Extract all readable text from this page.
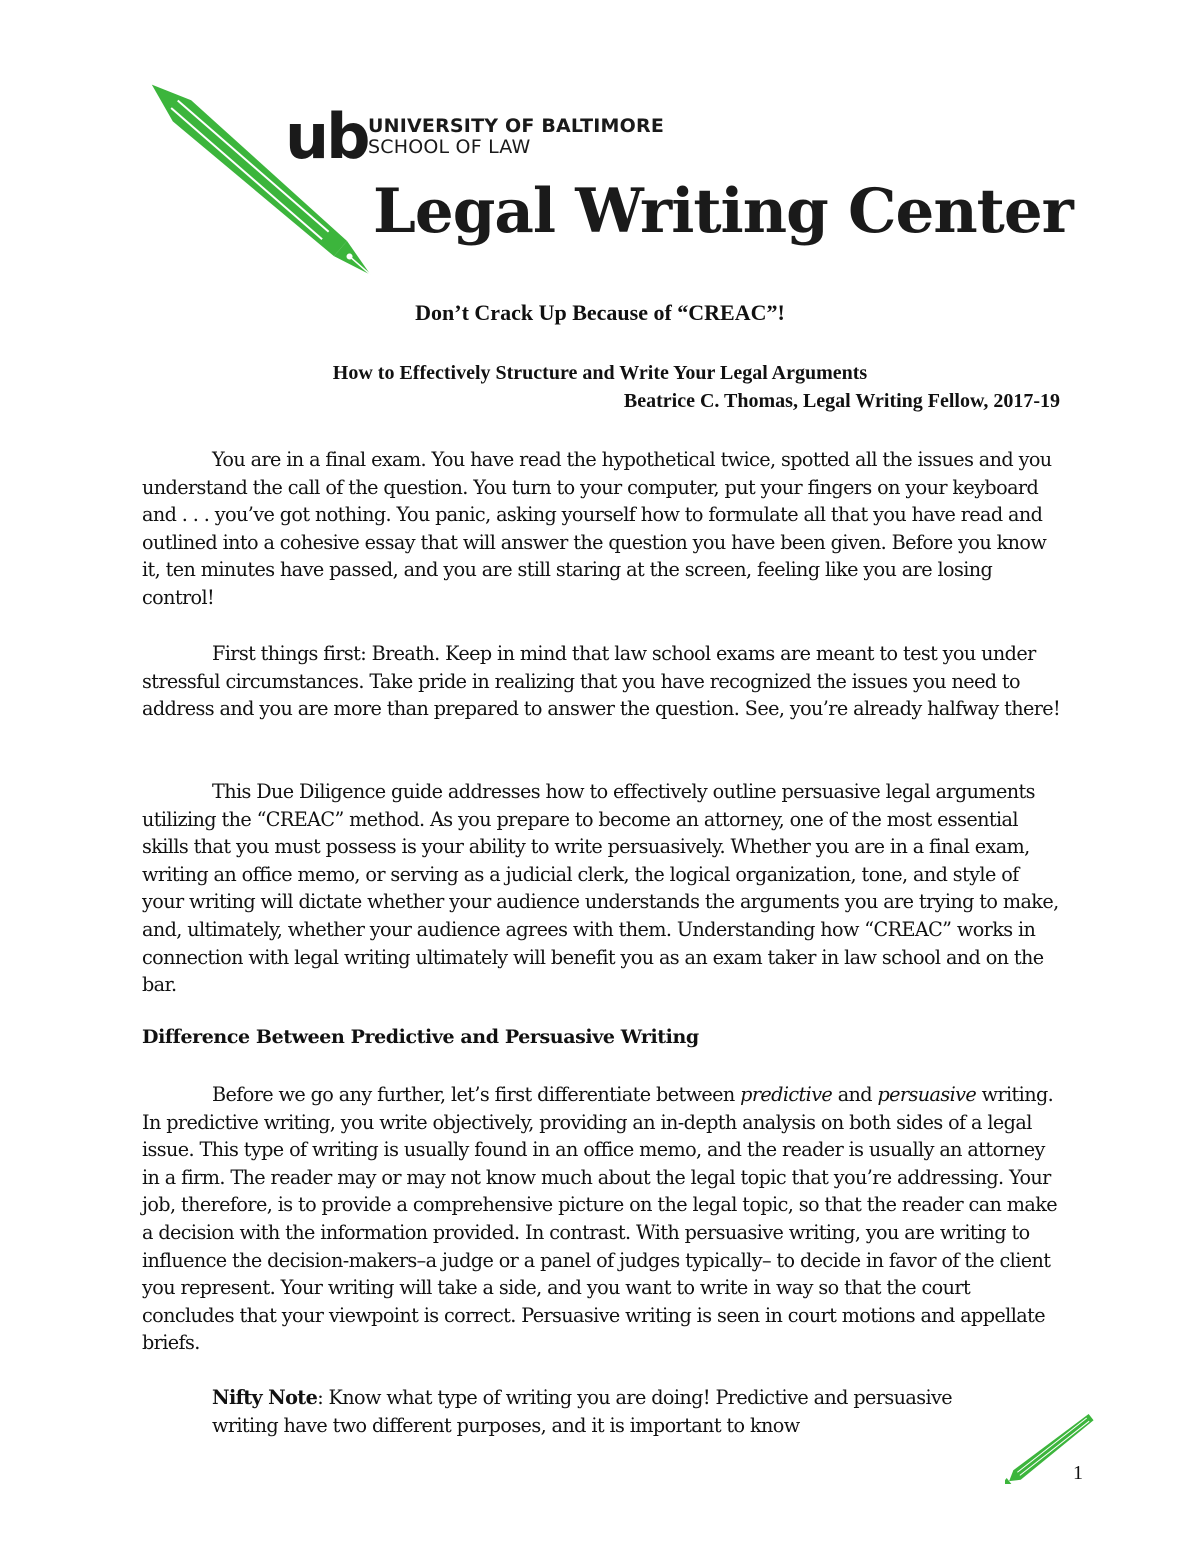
ub UNIVERSITY OF BALTIMORE
SCHOOL OF LAW
Legal Writing Center
Don’t Crack Up Because of “CREAC”!
How to Effectively Structure and Write Your Legal Arguments
Beatrice C. Thomas, Legal Writing Fellow, 2017-19

You are in a final exam. You have read the hypothetical twice, spotted all the issues and you understand the call of the question. You turn to your computer, put your fingers on your keyboard and . . . you’ve got nothing. You panic, asking yourself how to formulate all that you have read and outlined into a cohesive essay that will answer the question you have been given. Before you know it, ten minutes have passed, and you are still staring at the screen, feeling like you are losing control!

First things first: Breath. Keep in mind that law school exams are meant to test you under stressful circumstances. Take pride in realizing that you have recognized the issues you need to address and you are more than prepared to answer the question. See, you’re already halfway there!

This Due Diligence guide addresses how to effectively outline persuasive legal arguments utilizing the “CREAC” method. As you prepare to become an attorney, one of the most essential skills that you must possess is your ability to write persuasively. Whether you are in a final exam, writing an office memo, or serving as a judicial clerk, the logical organization, tone, and style of your writing will dictate whether your audience understands the arguments you are trying to make, and, ultimately, whether your audience agrees with them. Understanding how “CREAC” works in connection with legal writing ultimately will benefit you as an exam taker in law school and on the bar.

Difference Between Predictive and Persuasive Writing

Before we go any further, let’s first differentiate between predictive and persuasive writing. In predictive writing, you write objectively, providing an in-depth analysis on both sides of a legal issue. This type of writing is usually found in an office memo, and the reader is usually an attorney in a firm. The reader may or may not know much about the legal topic that you’re addressing. Your job, therefore, is to provide a comprehensive picture on the legal topic, so that the reader can make a decision with the information provided. In contrast. With persuasive writing, you are writing to influence the decision-makers–a judge or a panel of judges typically– to decide in favor of the client you represent. Your writing will take a side, and you want to write in way so that the court concludes that your viewpoint is correct. Persuasive writing is seen in court motions and appellate briefs.

Nifty Note: Know what type of writing you are doing! Predictive and persuasive writing have two different purposes, and it is important to know
1
